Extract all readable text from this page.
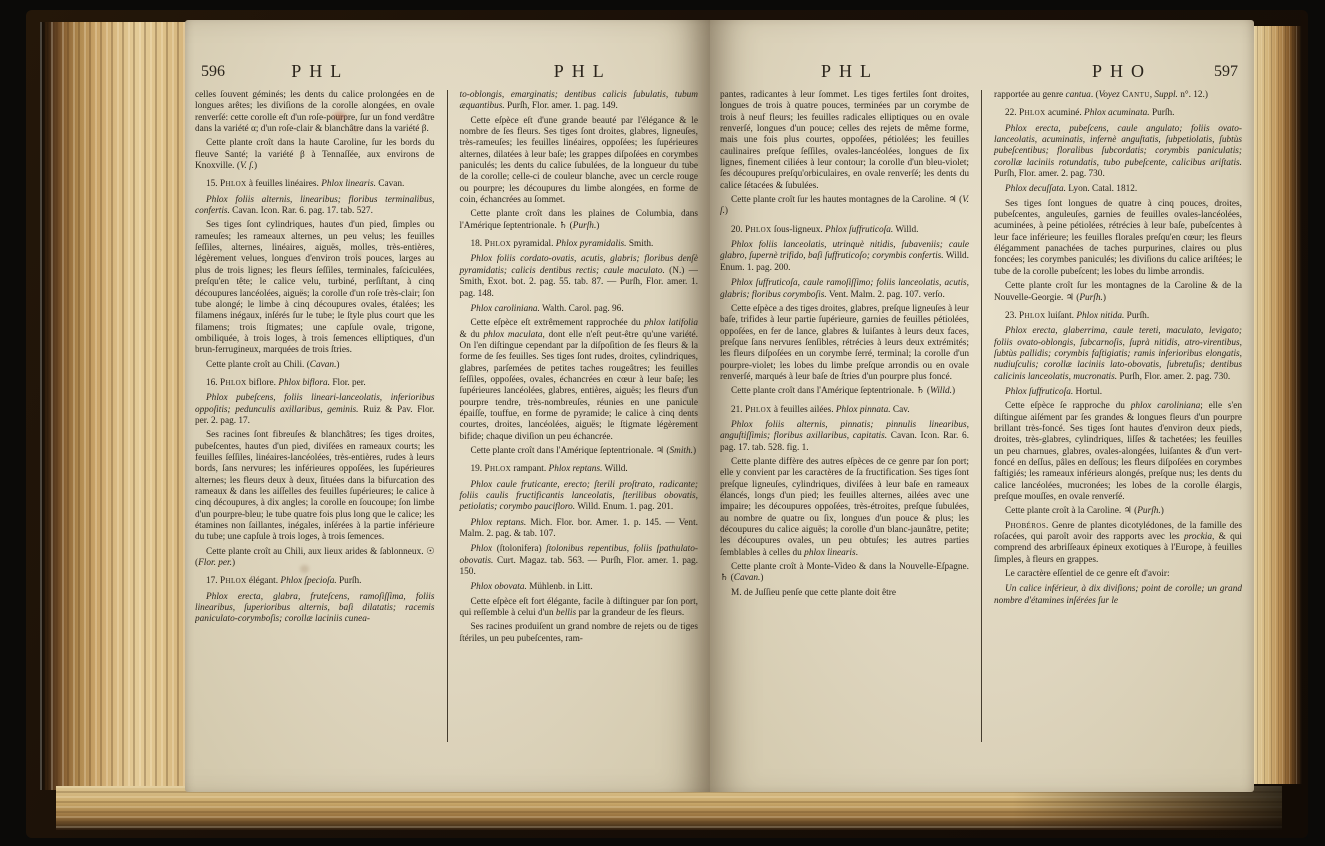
596	PHL	PHL

celles ſouvent géminés; les dents du calice prolongées en de longues arêtes; les diviſions de la corolle alongées, en ovale renverſé: cette corolle eſt d'un roſe-pourpre, ſur un fond verdâtre dans la variété α; d'un roſe-clair & blanchâtre dans la variété β.

Cette plante croît dans la haute Caroline, ſur les bords du fleuve Santé; la variété β à Tennaſſée, aux environs de Knoxville. (V. ſ.)

15. Phlox à feuilles linéaires. Phlox linearis. Cavan.

Phlox foliis alternis, linearibus; floribus terminalibus, confertis. Cavan. Icon. Rar. 6. pag. 17. tab. 527.

Ses tiges ſont cylindriques, hautes d'un pied, ſimples ou rameuſes; les rameaux alternes, un peu velus; les feuilles ſeſſiles, alternes, linéaires, aiguës, molles, très-entières, légèrement velues, longues d'environ trois pouces, larges au plus de trois lignes; les fleurs ſeſſiles, terminales, faſciculées, preſqu'en tête; le calice velu, turbiné, perſiſtant, à cinq découpures lancéolées, aiguës; la corolle d'un roſe très-clair; ſon tube alongé; le limbe à cinq découpures ovales, étalées; les filamens inégaux, inſérés ſur le tube; le ſtyle plus court que les filamens; trois ſtigmates; une capſule ovale, trigone, ombiliquée, à trois loges, à trois ſemences elliptiques, d'un brun-ferrugineux, marquées de trois ſtries.

Cette plante croît au Chili. (Cavan.)

16. Phlox biflore. Phlox biflora. Flor. per.

Phlox pubeſcens, foliis lineari-lanceolatis, inferioribus oppoſitis; pedunculis axillaribus, geminis. Ruiz & Pav. Flor. per. 2. pag. 17.

Ses racines ſont fibreuſes & blanchâtres; ſes tiges droites, pubeſcentes, hautes d'un pied, diviſées en rameaux courts; les feuilles ſeſſiles, linéaires-lancéolées, très-entières, rudes à leurs bords, ſans nervures; les inférieures oppoſées, les ſupérieures alternes; les fleurs deux à deux, ſituées dans la bifurcation des rameaux & dans les aiſſelles des feuilles ſupérieures; le calice à cinq découpures, à dix angles; la corolle en ſoucoupe; ſon limbe d'un pourpre-bleu; le tube quatre fois plus long que le calice; les étamines non ſaillantes, inégales, inſérées à la partie inférieure du tube; une capſule à trois loges, à trois ſemences.

Cette plante croît au Chili, aux lieux arides & ſablonneux. ☉ (Flor. per.)

17. Phlox élégant. Phlox ſpecioſa. Purſh.

Phlox erecta, glabra, fruteſcens, ramoſiſſima, foliis linearibus, ſuperioribus alternis, baſi dilatatis; racemis paniculato-corymboſis; corollæ laciniis cunea-

to-oblongis, emarginatis; dentibus calicis ſubulatis, tubum æquantibus. Purſh, Flor. amer. 1. pag. 149.

Cette eſpèce eſt d'une grande beauté par l'élégance & le nombre de ſes fleurs. Ses tiges ſont droites, glabres, ligneuſes, très-rameuſes; les feuilles linéaires, oppoſées; les ſupérieures alternes, dilatées à leur baſe; les grappes diſpoſées en corymbes paniculés; les dents du calice ſubulées, de la longueur du tube de la corolle; celle-ci de couleur blanche, avec un cercle rouge ou pourpre; les découpures du limbe alongées, en forme de coin, échancrées au ſommet.

Cette plante croît dans les plaines de Columbia, dans l'Amérique ſeptentrionale. ♄ (Purſh.)

18. Phlox pyramidal. Phlox pyramidalis. Smith.

Phlox foliis cordato-ovatis, acutis, glabris; floribus denſè pyramidatis; calicis dentibus rectis; caule maculato. (N.) — Smith, Exot. bot. 2. pag. 55. tab. 87. — Purſh, Flor. amer. 1. pag. 148.

Phlox caroliniana. Walth. Carol. pag. 96.

Cette eſpèce eſt extrêmement rapprochée du phlox latifolia & du phlox maculata, dont elle n'eſt peut-être qu'une variété. On l'en diſtingue cependant par la diſpoſition de ſes fleurs & la forme de ſes feuilles. Ses tiges ſont rudes, droites, cylindriques, glabres, parſemées de petites taches rougeâtres; les feuilles ſeſſiles, oppoſées, ovales, échancrées en cœur à leur baſe; les ſupérieures lancéolées, glabres, entières, aiguës; les fleurs d'un pourpre tendre, très-nombreuſes, réunies en une panicule épaiſſe, touffue, en forme de pyramide; le calice à cinq dents courtes, droites, lancéolées, aiguës; le ſtigmate légèrement bifide; chaque diviſion un peu échancrée.

Cette plante croît dans l'Amérique ſeptentrionale. ♃ (Smith.)

19. Phlox rampant. Phlox reptans. Willd.

Phlox caule fruticante, erecto; ſterili proſtrato, radicante; foliis caulis fructificantis lanceolatis, ſterilibus obovatis, petiolatis; corymbo paucifloro. Willd. Enum. 1. pag. 201.

Phlox reptans. Mich. Flor. bor. Amer. 1. p. 145. — Vent. Malm. 2. pag. & tab. 107.

Phlox (ſtolonifera) ſtolonibus repentibus, foliis ſpathulato-obovatis. Curt. Magaz. tab. 563. — Purſh, Flor. amer. 1. pag. 150.

Phlox obovata. Mühlenb. in Litt.

Cette eſpèce eſt fort élégante, facile à diſtinguer par ſon port, qui reſſemble à celui d'un bellis par la grandeur de ſes fleurs.

Ses racines produiſent un grand nombre de rejets ou de tiges ſtériles, un peu pubeſcentes, ram-

PHL	PHO	597

pantes, radicantes à leur ſommet. Les tiges fertiles ſont droites, longues de trois à quatre pouces, terminées par un corymbe de trois à neuf fleurs; les feuilles radicales elliptiques ou en ovale renverſé, longues d'un pouce; celles des rejets de même forme, mais une fois plus courtes, oppoſées, pétiolées; les feuilles caulinaires preſque ſeſſiles, ovales-lancéolées, longues de ſix lignes, finement ciliées à leur contour; la corolle d'un bleu-violet; ſes découpures preſqu'orbiculaires, en ovale renverſé; les dents du calice ſétacées & ſubulées.

Cette plante croît ſur les hautes montagnes de la Caroline. ♃ (V. ſ.)

20. Phlox ſous-ligneux. Phlox ſuffruticoſa. Willd.

Phlox foliis lanceolatis, utrinquè nitidis, ſubaveniis; caule glabro, ſupernè trifido, baſi ſuffruticoſo; corymbis confertis. Willd. Enum. 1. pag. 200.

Phlox ſuffruticoſa, caule ramoſiſſimo; foliis lanceolatis, acutis, glabris; floribus corymboſis. Vent. Malm. 2. pag. 107. verſo.

Cette eſpèce a des tiges droites, glabres, preſque ligneuſes à leur baſe, trifides à leur partie ſupérieure, garnies de feuilles pétiolées, oppoſées, en fer de lance, glabres & luiſantes à leurs deux faces, preſque ſans nervures ſenſibles, rétrécies à leurs deux extrémités; les fleurs diſpoſées en un corymbe ſerré, terminal; la corolle d'un pourpre-violet; les lobes du limbe preſque arrondis ou en ovale renverſé, marqués à leur baſe de ſtries d'un pourpre plus foncé.

Cette plante croît dans l'Amérique ſeptentrionale. ♄ (Willd.)

21. Phlox à feuilles ailées. Phlox pinnata. Cav.

Phlox foliis alternis, pinnatis; pinnulis linearibus, anguſtiſſimis; floribus axillaribus, capitatis. Cavan. Icon. Rar. 6. pag. 17. tab. 528. fig. 1.

Cette plante diffère des autres eſpèces de ce genre par ſon port; elle y convient par les caractères de ſa fructification. Ses tiges ſont preſque ligneuſes, cylindriques, diviſées à leur baſe en rameaux élancés, longs d'un pied; les feuilles alternes, ailées avec une impaire; les découpures oppoſées, très-étroites, preſque ſubulées, au nombre de quatre ou ſix, longues d'un pouce & plus; les découpures du calice aiguës; la corolle d'un blanc-jaunâtre, petite; les découpures ovales, un peu obtuſes; les autres parties ſemblables à celles du phlox linearis.

Cette plante croît à Monte-Video & dans la Nouvelle-Eſpagne. ♄ (Cavan.)

M. de Juſſieu penſe que cette plante doit être

rapportée au genre cantua. (Voyez Cantu, Suppl. n°. 12.)

22. Phlox acuminé. Phlox acuminata. Purſh.

Phlox erecta, pubeſcens, caule angulato; foliis ovato-lanceolatis, acuminatis, infernè anguſtatis, ſubpetiolatis, ſubtùs pubeſcentibus; floralibus ſubcordatis; corymbis paniculatis; corollæ laciniis rotundatis, tubo pubeſcente, calicibus ariſtatis. Purſh, Flor. amer. 2. pag. 730.

Phlox decuſſata. Lyon. Catal. 1812.

Ses tiges ſont longues de quatre à cinq pouces, droites, pubeſcentes, anguleuſes, garnies de feuilles ovales-lancéolées, acuminées, à peine pétiolées, rétrécies à leur baſe, pubeſcentes à leur face inférieure; les feuilles florales preſqu'en cœur; les fleurs élégamment panachées de taches purpurines, claires ou plus foncées; les corymbes paniculés; les diviſions du calice ariſtées; le tube de la corolle pubeſcent; les lobes du limbe arrondis.

Cette plante croît ſur les montagnes de la Caroline & de la Nouvelle-Georgie. ♃ (Purſh.)

23. Phlox luiſant. Phlox nitida. Purſh.

Phlox erecta, glaberrima, caule tereti, maculato, levigato; foliis ovato-oblongis, ſubcarnoſis, ſuprà nitidis, atro-virentibus, ſubtùs pallidis; corymbis faſtigiatis; ramis inferioribus elongatis, nudiuſculis; corollæ laciniis lato-obovatis, ſubretuſis; dentibus calicinis lanceolatis, mucronatis. Purſh, Flor. amer. 2. pag. 730.

Phlox ſuffruticoſa. Hortul.

Cette eſpèce ſe rapproche du phlox caroliniana; elle s'en diſtingue aiſément par ſes grandes & longues fleurs d'un pourpre brillant très-foncé. Ses tiges ſont hautes d'environ deux pieds, droites, très-glabres, cylindriques, liſſes & tachetées; les feuilles un peu charnues, glabres, ovales-alongées, luiſantes & d'un vert-foncé en deſſus, pâles en deſſous; les fleurs diſpoſées en corymbes faſtigiés; les rameaux inférieurs alongés, preſque nus; les dents du calice lancéolées, mucronées; les lobes de la corolle élargis, preſque mouſſes, en ovale renverſé.

Cette plante croît à la Caroline. ♃ (Purſh.)

Phobéros. Genre de plantes dicotylédones, de la famille des roſacées, qui paroît avoir des rapports avec les prockia, & qui comprend des arbriſſeaux épineux exotiques à l'Europe, à feuilles ſimples, à fleurs en grappes.

Le caractère eſſentiel de ce genre eſt d'avoir:

Un calice inférieur, à dix diviſions; point de corolle; un grand nombre d'étamines inſérées ſur le
